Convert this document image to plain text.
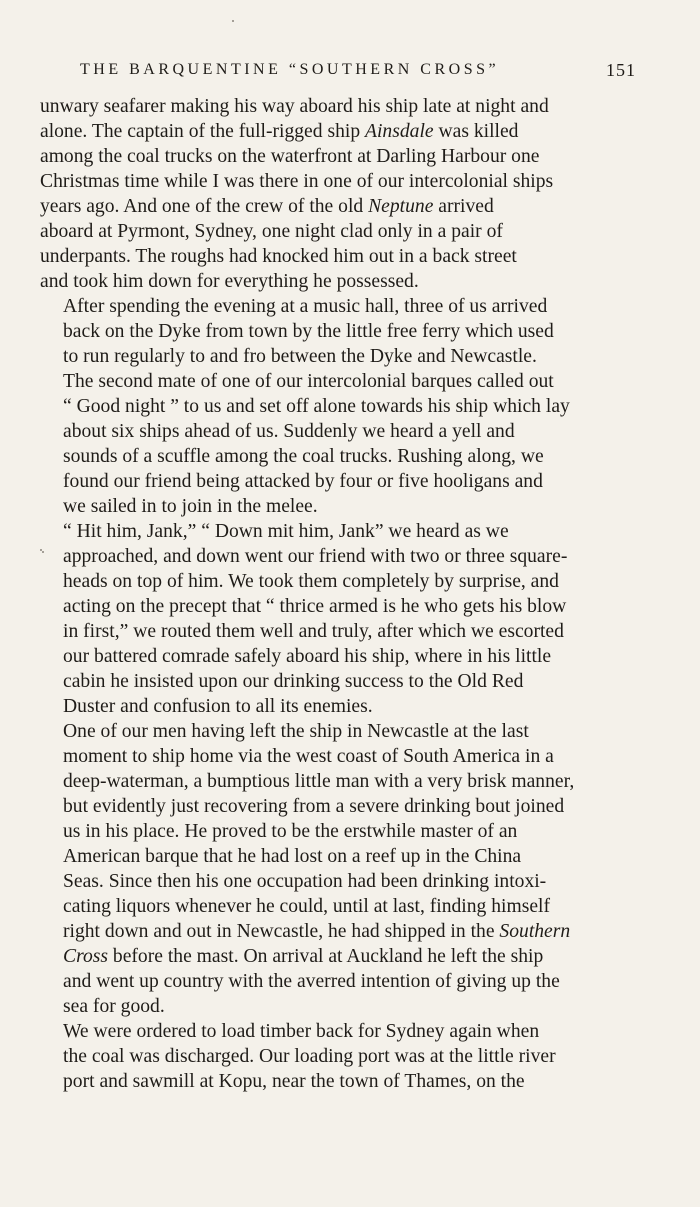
THE BARQUENTINE “SOUTHERN CROSS”	151

unwary seafarer making his way aboard his ship late at night and
alone. The captain of the full-rigged ship Ainsdale was killed
among the coal trucks on the waterfront at Darling Harbour one
Christmas time while I was there in one of our intercolonial ships
years ago. And one of the crew of the old Neptune arrived
aboard at Pyrmont, Sydney, one night clad only in a pair of
underpants. The roughs had knocked him out in a back street
and took him down for everything he possessed.

After spending the evening at a music hall, three of us arrived
back on the Dyke from town by the little free ferry which used
to run regularly to and fro between the Dyke and Newcastle.
The second mate of one of our intercolonial barques called out
“ Good night ” to us and set off alone towards his ship which lay
about six ships ahead of us. Suddenly we heard a yell and
sounds of a scuffle among the coal trucks. Rushing along, we
found our friend being attacked by four or five hooligans and
we sailed in to join in the melee.

“ Hit him, Jank,” “ Down mit him, Jank” we heard as we
approached, and down went our friend with two or three square-
heads on top of him. We took them completely by surprise, and
acting on the precept that “ thrice armed is he who gets his blow
in first,” we routed them well and truly, after which we escorted
our battered comrade safely aboard his ship, where in his little
cabin he insisted upon our drinking success to the Old Red
Duster and confusion to all its enemies.

One of our men having left the ship in Newcastle at the last
moment to ship home via the west coast of South America in a
deep-waterman, a bumptious little man with a very brisk manner,
but evidently just recovering from a severe drinking bout joined
us in his place. He proved to be the erstwhile master of an
American barque that he had lost on a reef up in the China
Seas. Since then his one occupation had been drinking intoxi-
cating liquors whenever he could, until at last, finding himself
right down and out in Newcastle, he had shipped in the Southern
Cross before the mast. On arrival at Auckland he left the ship
and went up country with the averred intention of giving up the
sea for good.

We were ordered to load timber back for Sydney again when
the coal was discharged. Our loading port was at the little river
port and sawmill at Kopu, near the town of Thames, on the
